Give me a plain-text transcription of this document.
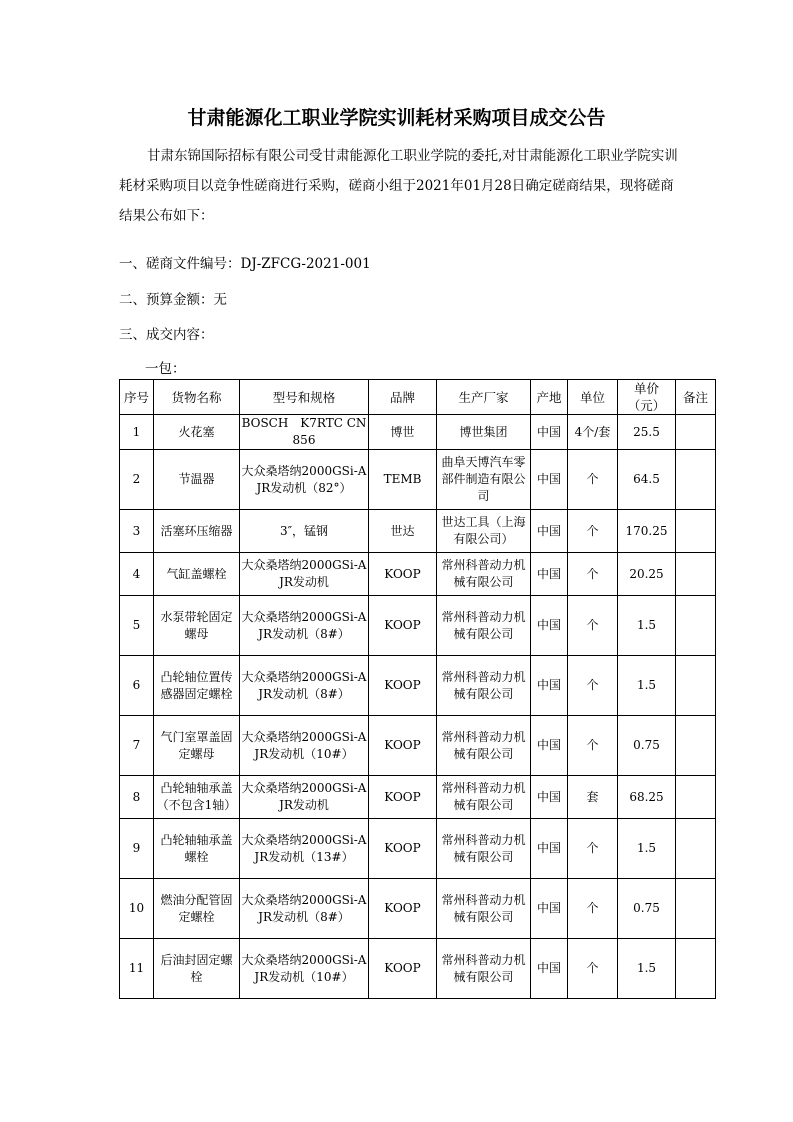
甘肃能源化工职业学院实训耗材采购项目成交公告

甘肃东锦国际招标有限公司受甘肃能源化工职业学院的委托,对甘肃能源化工职业学院实训耗材采购项目以竞争性磋商进行采购，磋商小组于2021年01月28日确定磋商结果，现将磋商结果公布如下：

一、磋商文件编号：DJ-ZFCG-2021-001

二、预算金额：无

三、成交内容：

一包：

序号	货物名称	型号和规格	品牌	生产厂家	产地	单位	单价（元）	备注
1	火花塞	BOSCH　K7RTC CN856	博世	博世集团	中国	4个/套	25.5	
2	节温器	大众桑塔纳2000GSi-AJR发动机（82°）	TEMB	曲阜天博汽车零部件制造有限公司	中国	个	64.5	
3	活塞环压缩器	3″，锰钢	世达	世达工具（上海有限公司）	中国	个	170.25	
4	气缸盖螺栓	大众桑塔纳2000GSi-AJR发动机	KOOP	常州科普动力机械有限公司	中国	个	20.25	
5	水泵带轮固定螺母	大众桑塔纳2000GSi-AJR发动机（8#）	KOOP	常州科普动力机械有限公司	中国	个	1.5	
6	凸轮轴位置传感器固定螺栓	大众桑塔纳2000GSi-AJR发动机（8#）	KOOP	常州科普动力机械有限公司	中国	个	1.5	
7	气门室罩盖固定螺母	大众桑塔纳2000GSi-AJR发动机（10#）	KOOP	常州科普动力机械有限公司	中国	个	0.75	
8	凸轮轴轴承盖（不包含1轴）	大众桑塔纳2000GSi-AJR发动机	KOOP	常州科普动力机械有限公司	中国	套	68.25	
9	凸轮轴轴承盖螺栓	大众桑塔纳2000GSi-AJR发动机（13#）	KOOP	常州科普动力机械有限公司	中国	个	1.5	
10	燃油分配管固定螺栓	大众桑塔纳2000GSi-AJR发动机（8#）	KOOP	常州科普动力机械有限公司	中国	个	0.75	
11	后油封固定螺栓	大众桑塔纳2000GSi-AJR发动机（10#）	KOOP	常州科普动力机械有限公司	中国	个	1.5	
